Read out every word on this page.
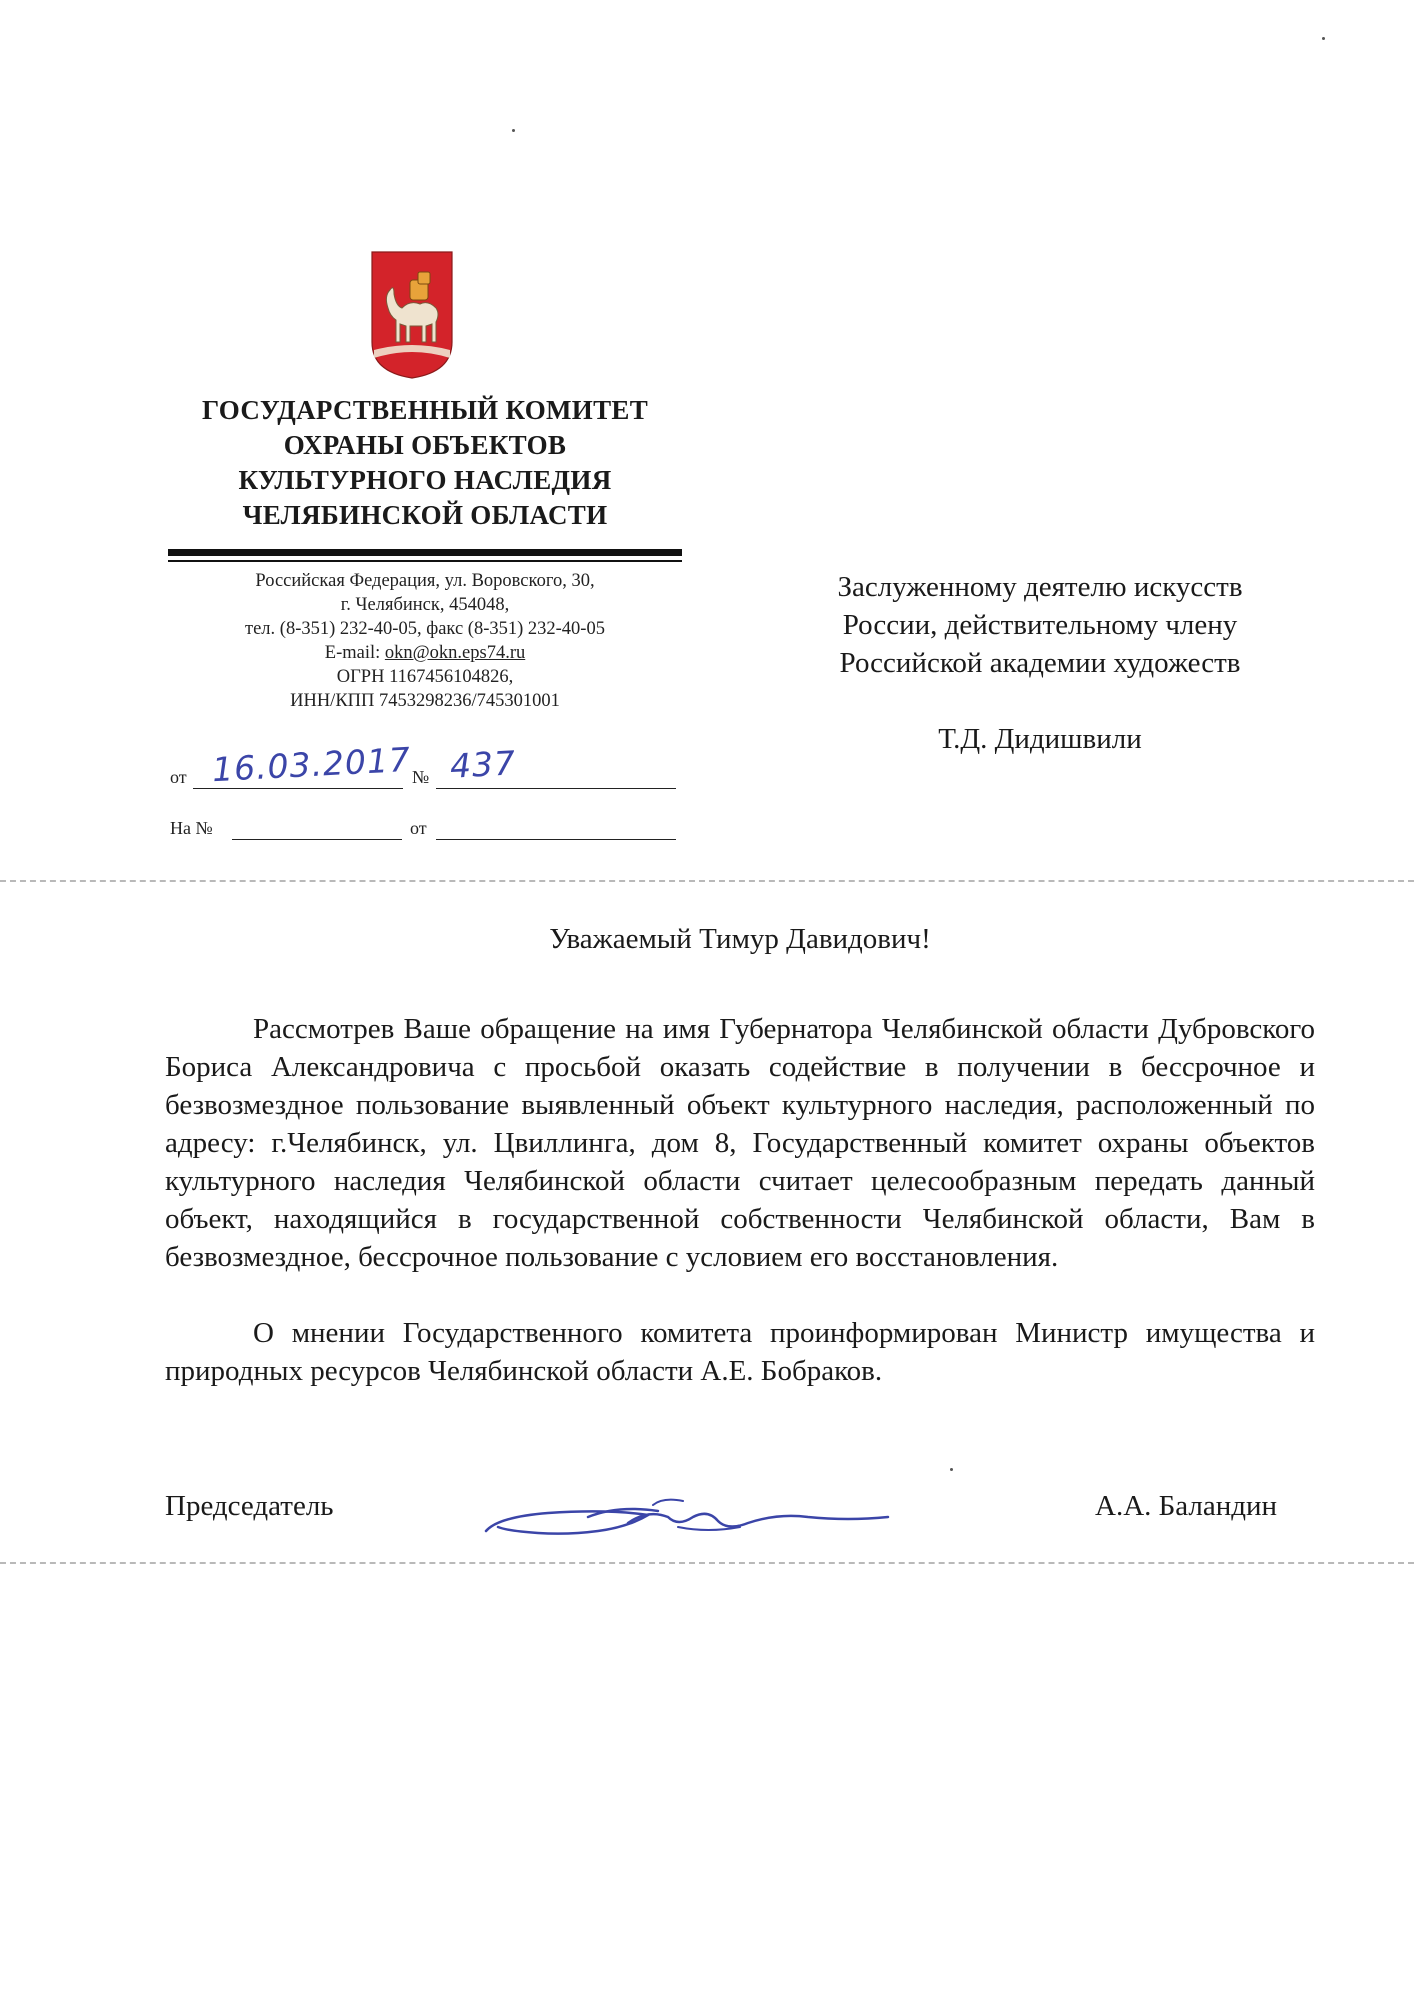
ГОСУДАРСТВЕННЫЙ КОМИТЕТ
ОХРАНЫ ОБЪЕКТОВ
КУЛЬТУРНОГО НАСЛЕДИЯ
ЧЕЛЯБИНСКОЙ ОБЛАСТИ
Российская Федерация, ул. Воровского, 30,
г. Челябинск, 454048,
тел. (8-351) 232-40-05, факс (8-351) 232-40-05
E-mail: okn@okn.eps74.ru
ОГРН 1167456104826,
ИНН/КПП 7453298236/745301001
от 16.03.2017 № 437
На №	от
Заслуженному деятелю искусств
России, действительному члену
Российской академии художеств
Т.Д. Дидишвили
Уважаемый Тимур Давидович!

Рассмотрев Ваше обращение на имя Губернатора Челябинской области Дубровского Бориса Александровича с просьбой оказать содействие в получении в бессрочное и безвозмездное пользование выявленный объект культурного наследия, расположенный по адресу: г.Челябинск, ул. Цвиллинга, дом 8, Государственный комитет охраны объектов культурного наследия Челябинской области считает целесообразным передать данный объект, находящийся в государственной собственности Челябинской области, Вам в безвозмездное, бессрочное пользование с условием его восстановления.

О мнении Государственного комитета проинформирован Министр имущества и природных ресурсов Челябинской области А.Е. Бобраков.

Председатель	А.А. Баландин
